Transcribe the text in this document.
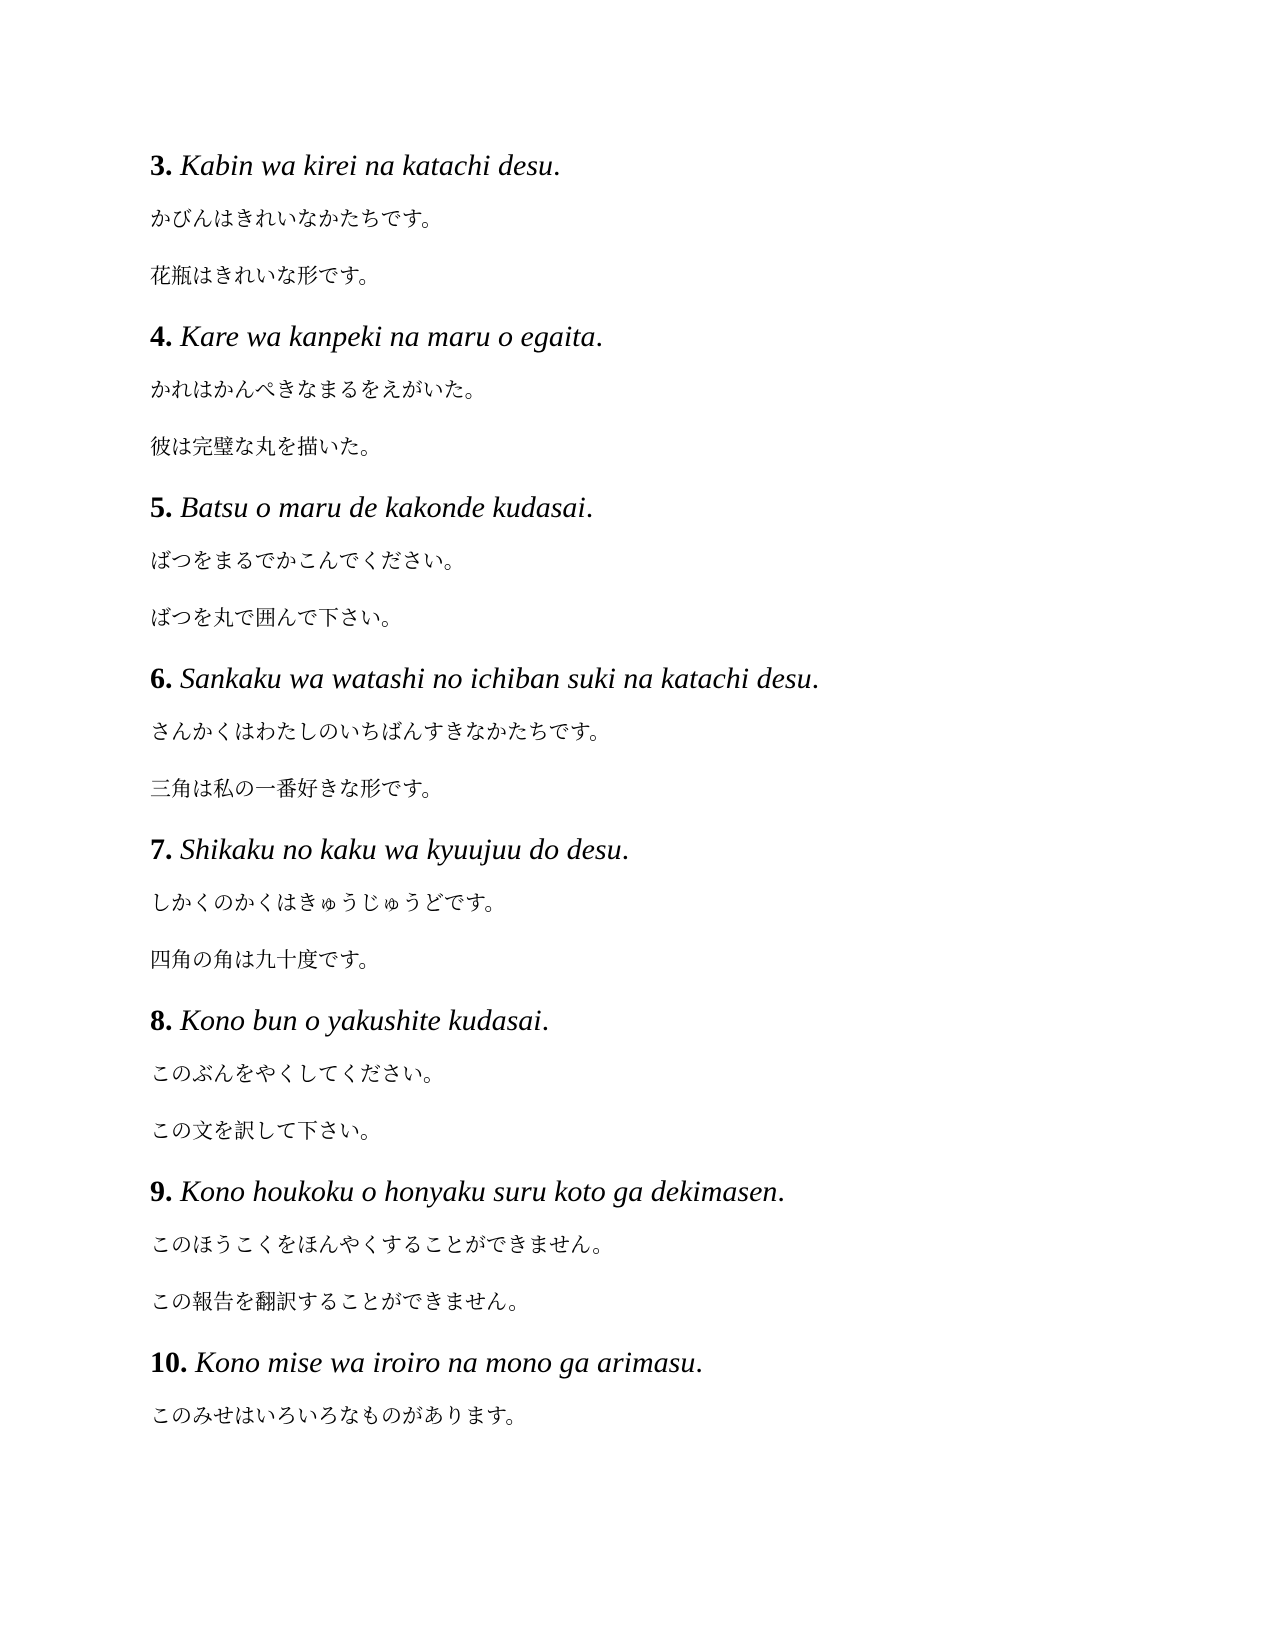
3. Kabin wa kirei na katachi desu.
かびんはきれいなかたちです。
花瓶はきれいな形です。
4. Kare wa kanpeki na maru o egaita.
かれはかんぺきなまるをえがいた。
彼は完璧な丸を描いた。
5. Batsu o maru de kakonde kudasai.
ばつをまるでかこんでください。
ばつを丸で囲んで下さい。
6. Sankaku wa watashi no ichiban suki na katachi desu.
さんかくはわたしのいちばんすきなかたちです。
三角は私の一番好きな形です。
7. Shikaku no kaku wa kyuujuu do desu.
しかくのかくはきゅうじゅうどです。
四角の角は九十度です。
8. Kono bun o yakushite kudasai.
このぶんをやくしてください。
この文を訳して下さい。
9. Kono houkoku o honyaku suru koto ga dekimasen.
このほうこくをほんやくすることができません。
この報告を翻訳することができません。
10. Kono mise wa iroiro na mono ga arimasu.
このみせはいろいろなものがあります。
